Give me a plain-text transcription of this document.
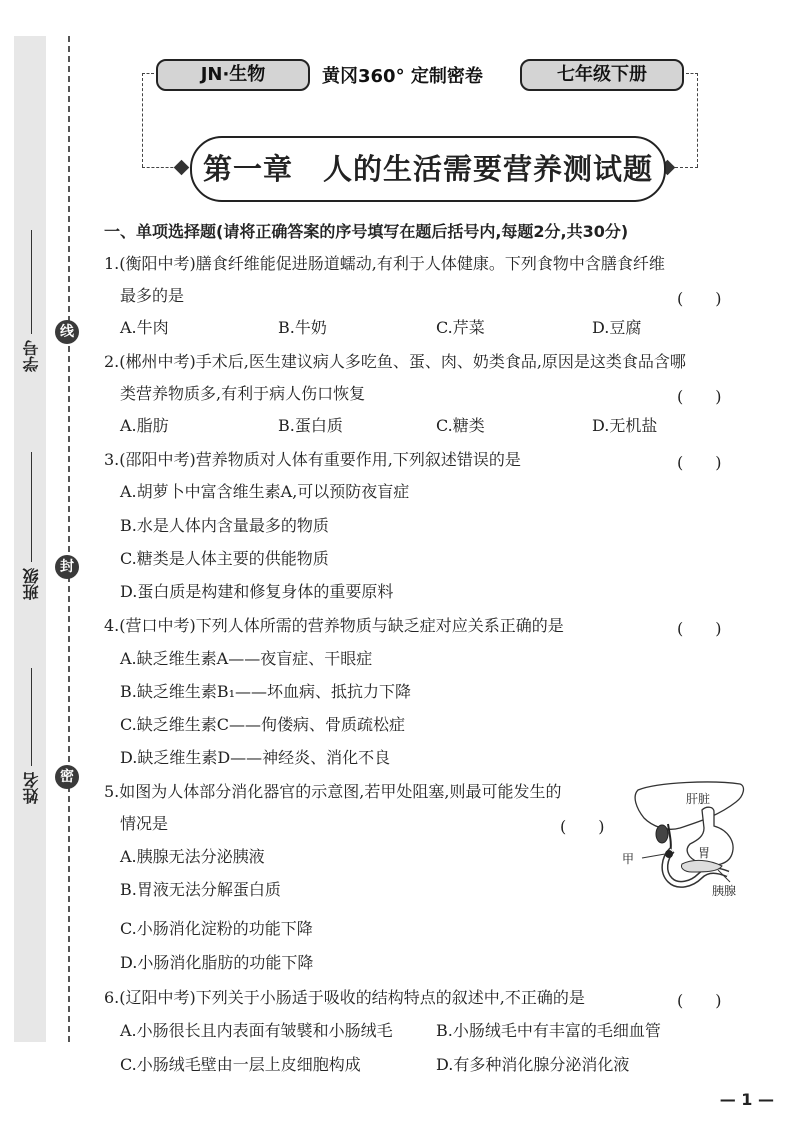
线
封
密
学号
班级
姓名
JN·生物	黄冈360° 定制密卷	七年级下册
第一章　人的生活需要营养测试题
一、单项选择题(请将正确答案的序号填写在题后括号内,每题2分,共30分)
1.(衡阳中考)膳食纤维能促进肠道蠕动,有利于人体健康。下列食物中含膳食纤维
最多的是	(　　)
A.牛肉	B.牛奶	C.芹菜	D.豆腐
2.(郴州中考)手术后,医生建议病人多吃鱼、蛋、肉、奶类食品,原因是这类食品含哪
类营养物质多,有利于病人伤口恢复	(　　)
A.脂肪	B.蛋白质	C.糖类	D.无机盐
3.(邵阳中考)营养物质对人体有重要作用,下列叙述错误的是	(　　)
A.胡萝卜中富含维生素A,可以预防夜盲症
B.水是人体内含量最多的物质
C.糖类是人体主要的供能物质
D.蛋白质是构建和修复身体的重要原料
4.(营口中考)下列人体所需的营养物质与缺乏症对应关系正确的是	(　　)
A.缺乏维生素A——夜盲症、干眼症
B.缺乏维生素B₁——坏血病、抵抗力下降
C.缺乏维生素C——佝偻病、骨质疏松症
D.缺乏维生素D——神经炎、消化不良
5.如图为人体部分消化器官的示意图,若甲处阻塞,则最可能发生的
情况是	(　　)
A.胰腺无法分泌胰液
B.胃液无法分解蛋白质
C.小肠消化淀粉的功能下降
D.小肠消化脂肪的功能下降
肝脏
甲	胃
胰腺
6.(辽阳中考)下列关于小肠适于吸收的结构特点的叙述中,不正确的是	(　　)
A.小肠很长且内表面有皱襞和小肠绒毛	B.小肠绒毛中有丰富的毛细血管
C.小肠绒毛壁由一层上皮细胞构成	D.有多种消化腺分泌消化液
— 1 —
